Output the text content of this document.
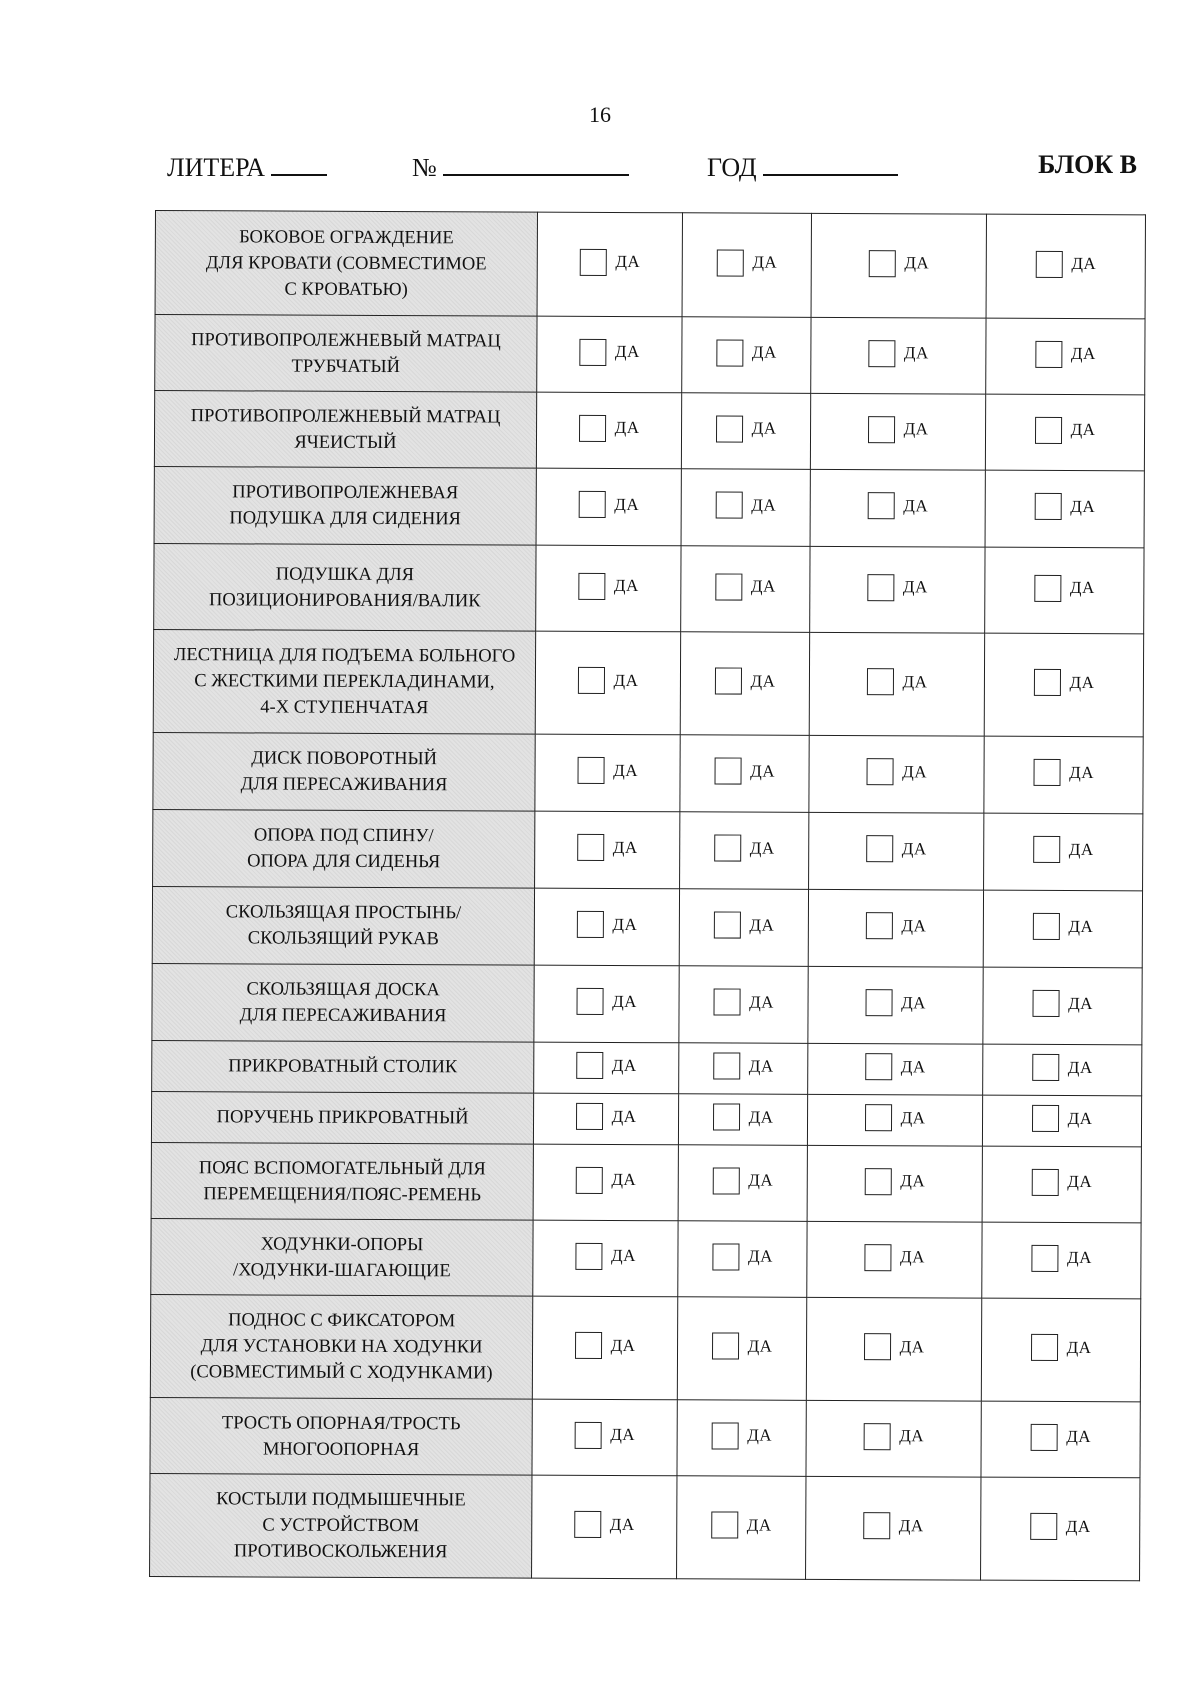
16
ЛИТЕРА	№	ГОД	БЛОК В
БОКОВОЕ ОГРАЖДЕНИЕ
ДЛЯ КРОВАТИ (СОВМЕСТИМОЕ
С КРОВАТЬЮ)	ДА	ДА	ДА	ДА

ПРОТИВОПРОЛЕЖНЕВЫЙ МАТРАЦ
ТРУБЧАТЫЙ	ДА	ДА	ДА	ДА

ПРОТИВОПРОЛЕЖНЕВЫЙ МАТРАЦ
ЯЧЕИСТЫЙ	ДА	ДА	ДА	ДА

ПРОТИВОПРОЛЕЖНЕВАЯ
ПОДУШКА ДЛЯ СИДЕНИЯ	ДА	ДА	ДА	ДА

ПОДУШКА ДЛЯ
ПОЗИЦИОНИРОВАНИЯ/ВАЛИК	ДА	ДА	ДА	ДА

ЛЕСТНИЦА ДЛЯ ПОДЪЕМА БОЛЬНОГО
С ЖЕСТКИМИ ПЕРЕКЛАДИНАМИ,
4-Х СТУПЕНЧАТАЯ	ДА	ДА	ДА	ДА

ДИСК ПОВОРОТНЫЙ
ДЛЯ ПЕРЕСАЖИВАНИЯ	ДА	ДА	ДА	ДА

ОПОРА ПОД СПИНУ/
ОПОРА ДЛЯ СИДЕНЬЯ	ДА	ДА	ДА	ДА

СКОЛЬЗЯЩАЯ ПРОСТЫНЬ/
СКОЛЬЗЯЩИЙ РУКАВ	ДА	ДА	ДА	ДА

СКОЛЬЗЯЩАЯ ДОСКА
ДЛЯ ПЕРЕСАЖИВАНИЯ	ДА	ДА	ДА	ДА

ПРИКРОВАТНЫЙ СТОЛИК	ДА	ДА	ДА	ДА

ПОРУЧЕНЬ ПРИКРОВАТНЫЙ	ДА	ДА	ДА	ДА

ПОЯС ВСПОМОГАТЕЛЬНЫЙ ДЛЯ
ПЕРЕМЕЩЕНИЯ/ПОЯС-РЕМЕНЬ	ДА	ДА	ДА	ДА

ХОДУНКИ-ОПОРЫ
/ХОДУНКИ-ШАГАЮЩИЕ	ДА	ДА	ДА	ДА

ПОДНОС С ФИКСАТОРОМ
ДЛЯ УСТАНОВКИ НА ХОДУНКИ
(СОВМЕСТИМЫЙ С ХОДУНКАМИ)	ДА	ДА	ДА	ДА

ТРОСТЬ ОПОРНАЯ/ТРОСТЬ
МНОГООПОРНАЯ	ДА	ДА	ДА	ДА

КОСТЫЛИ ПОДМЫШЕЧНЫЕ
С УСТРОЙСТВОМ
ПРОТИВОСКОЛЬЖЕНИЯ	ДА	ДА	ДА	ДА
